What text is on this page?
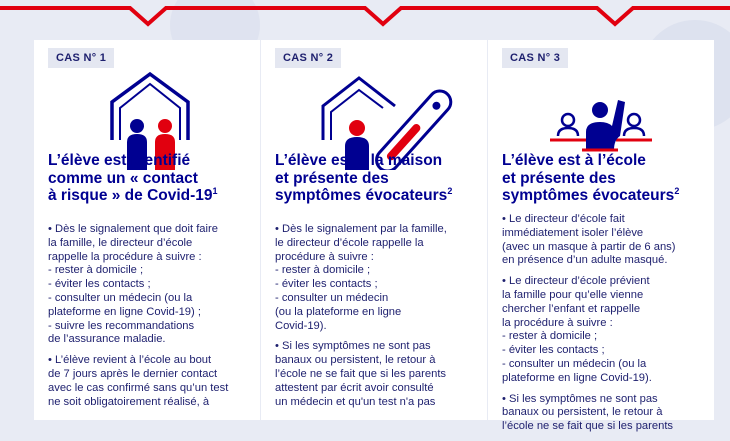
CAS N° 1
L’élève est identifié
comme un « contact
à risque » de Covid-$19^1$

• Dès le signalement que doit faire
la famille, le directeur d’école
rappelle la procédure à suivre :
- rester à domicile ;
- éviter les contacts ;
- consulter un médecin (ou la
plateforme en ligne Covid-19) ;
- suivre les recommandations
de l’assurance maladie.

• L’élève revient à l’école au bout
de 7 jours après le dernier contact
avec le cas confirmé sans qu’un test
ne soit obligatoirement réalisé, à

CAS N° 2
L’élève est à la maison
et présente des
symptômes évocateurs$^2$

• Dès le signalement par la famille,
le directeur d’école rappelle la
procédure à suivre :
- rester à domicile ;
- éviter les contacts ;
- consulter un médecin
(ou la plateforme en ligne
Covid-19).

• Si les symptômes ne sont pas
banaux ou persistent, le retour à
l’école ne se fait que si les parents
attestent par écrit avoir consulté
un médecin et qu'un test n'a pas

CAS N° 3
L’élève est à l’école
et présente des
symptômes évocateurs$^2$

• Le directeur d’école fait
immédiatement isoler l’élève
(avec un masque à partir de 6 ans)
en présence d’un adulte masqué.

• Le directeur d’école prévient
la famille pour qu’elle vienne
chercher l’enfant et rappelle
la procédure à suivre :
- rester à domicile ;
- éviter les contacts ;
- consulter un médecin (ou la
plateforme en ligne Covid-19).

• Si les symptômes ne sont pas
banaux ou persistent, le retour à
l’école ne se fait que si les parents
